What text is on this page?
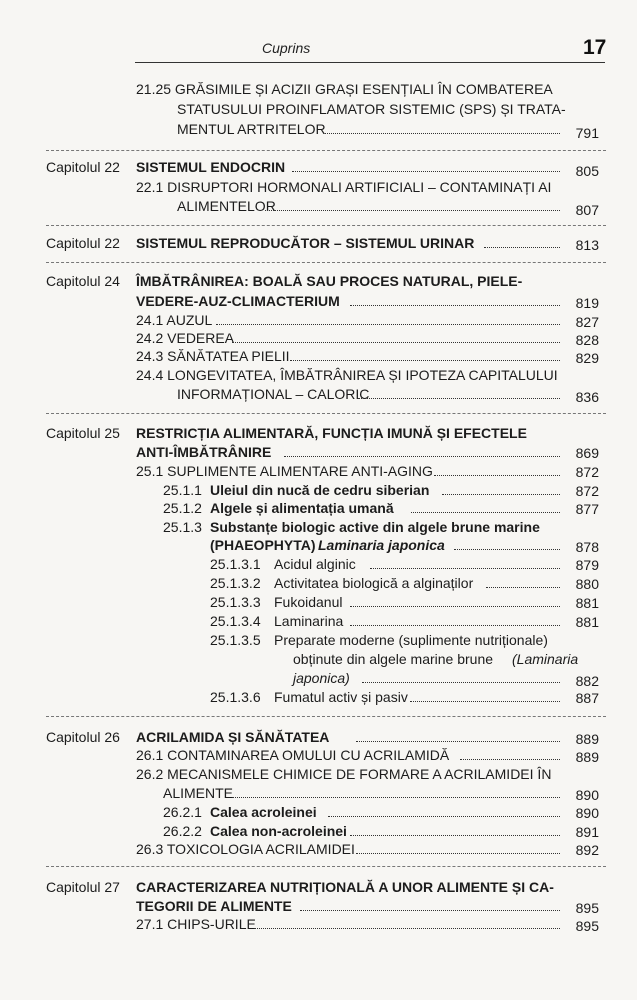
Cuprins	17
21.25 GRĂSIMILE ȘI ACIZII GRAȘI ESENȚIALI ÎN COMBATEREA
STATUSULUI PROINFLAMATOR SISTEMIC (SPS) ȘI TRATA-
MENTUL ARTRITELOR	791
Capitolul 22 SISTEMUL ENDOCRIN	805
22.1 DISRUPTORI HORMONALI ARTIFICIALI – CONTAMINAȚI AI
ALIMENTELOR	807
Capitolul 22 SISTEMUL REPRODUCĂTOR – SISTEMUL URINAR	813
Capitolul 24 ÎMBĂTRÂNIREA: BOALĂ SAU PROCES NATURAL, PIELE-
VEDERE-AUZ-CLIMACTERIUM	819
24.1 AUZUL	827
24.2 VEDEREA	828
24.3 SĂNĂTATEA PIELII	829
24.4 LONGEVITATEA, ÎMBĂTRÂNIREA ȘI IPOTEZA CAPITALULUI
INFORMAȚIONAL – CALORIC	836
Capitolul 25 RESTRICȚIA ALIMENTARĂ, FUNCȚIA IMUNĂ ȘI EFECTELE
ANTI-ÎMBĂTRÂNIRE	869
25.1 SUPLIMENTE ALIMENTARE ANTI-AGING	872
25.1.1 Uleiul din nucă de cedru siberian	872
25.1.2 Algele și alimentația umană	877
25.1.3 Substanțe biologic active din algele brune marine
(PHAEOPHYTA) Laminaria japonica	878
25.1.3.1 Acidul alginic	879
25.1.3.2 Activitatea biologică a alginaților	880
25.1.3.3 Fukoidanul	881
25.1.3.4 Laminarina	881
25.1.3.5 Preparate moderne (suplimente nutriționale)
obținute din algele marine brune (Laminaria
japonica)	882
25.1.3.6 Fumatul activ și pasiv	887
Capitolul 26 ACRILAMIDA ȘI SĂNĂTATEA	889
26.1 CONTAMINAREA OMULUI CU ACRILAMIDĂ	889
26.2 MECANISMELE CHIMICE DE FORMARE A ACRILAMIDEI ÎN
ALIMENTE	890
26.2.1 Calea acroleinei	890
26.2.2 Calea non-acroleinei	891
26.3 TOXICOLOGIA ACRILAMIDEI	892
Capitolul 27 CARACTERIZAREA NUTRIȚIONALĂ A UNOR ALIMENTE ȘI CA-
TEGORII DE ALIMENTE	895
27.1 CHIPS-URILE	895
